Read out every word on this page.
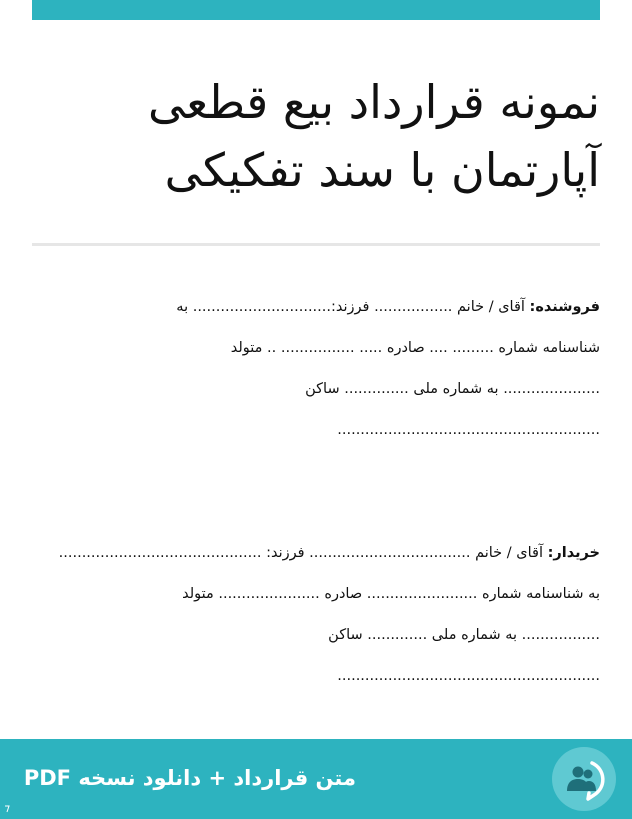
نمونه قرارداد بیع قطعی
آپارتمان با سند تفکیکی
فروشنده: آقای / خانم ................. فرزند:.............................. به
شناسنامه شماره ......... .... صادره ..... ................ .. متولد
..................... به شماره ملی .............. ساکن
.........................................................
خریدار: آقای / خانم ................................... فرزند: ............................................
به شناسنامه شماره ........................ صادره ...................... متولد
................. به شماره ملی ............. ساکن
.........................................................
متن قرارداد + دانلود نسخه PDF
